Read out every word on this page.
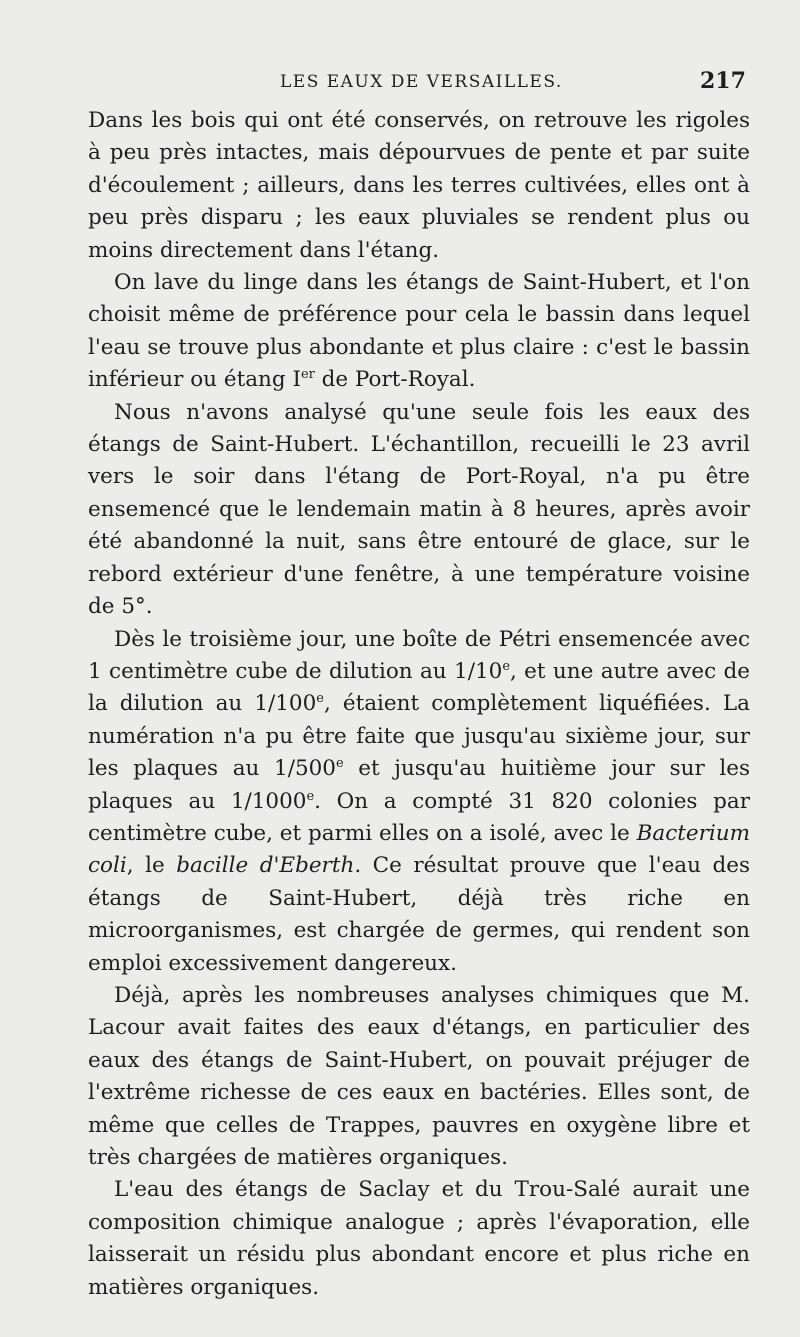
LES EAUX DE VERSAILLES.	217

Dans les bois qui ont été conservés, on retrouve les rigoles à peu près intactes, mais dépourvues de pente et par suite d'écoulement ; ailleurs, dans les terres cultivées, elles ont à peu près disparu ; les eaux pluviales se rendent plus ou moins directement dans l'étang.

On lave du linge dans les étangs de Saint-Hubert, et l'on choisit même de préférence pour cela le bassin dans lequel l'eau se trouve plus abondante et plus claire : c'est le bassin inférieur ou étang Ier de Port-Royal.

Nous n'avons analysé qu'une seule fois les eaux des étangs de Saint-Hubert. L'échantillon, recueilli le 23 avril vers le soir dans l'étang de Port-Royal, n'a pu être ensemencé que le lendemain matin à 8 heures, après avoir été abandonné la nuit, sans être entouré de glace, sur le rebord extérieur d'une fenêtre, à une température voisine de 5°.

Dès le troisième jour, une boîte de Pétri ensemencée avec 1 centimètre cube de dilution au 1/10e, et une autre avec de la dilution au 1/100e, étaient complètement liquéfiées. La numération n'a pu être faite que jusqu'au sixième jour, sur les plaques au 1/500e et jusqu'au huitième jour sur les plaques au 1/1000e. On a compté 31 820 colonies par centimètre cube, et parmi elles on a isolé, avec le Bacterium coli, le bacille d'Eberth. Ce résultat prouve que l'eau des étangs de Saint-Hubert, déjà très riche en microorganismes, est chargée de germes, qui rendent son emploi excessivement dangereux.

Déjà, après les nombreuses analyses chimiques que M. Lacour avait faites des eaux d'étangs, en particulier des eaux des étangs de Saint-Hubert, on pouvait préjuger de l'extrême richesse de ces eaux en bactéries. Elles sont, de même que celles de Trappes, pauvres en oxygène libre et très chargées de matières organiques.

L'eau des étangs de Saclay et du Trou-Salé aurait une composition chimique analogue ; après l'évaporation, elle laisserait un résidu plus abondant encore et plus riche en matières organiques.
